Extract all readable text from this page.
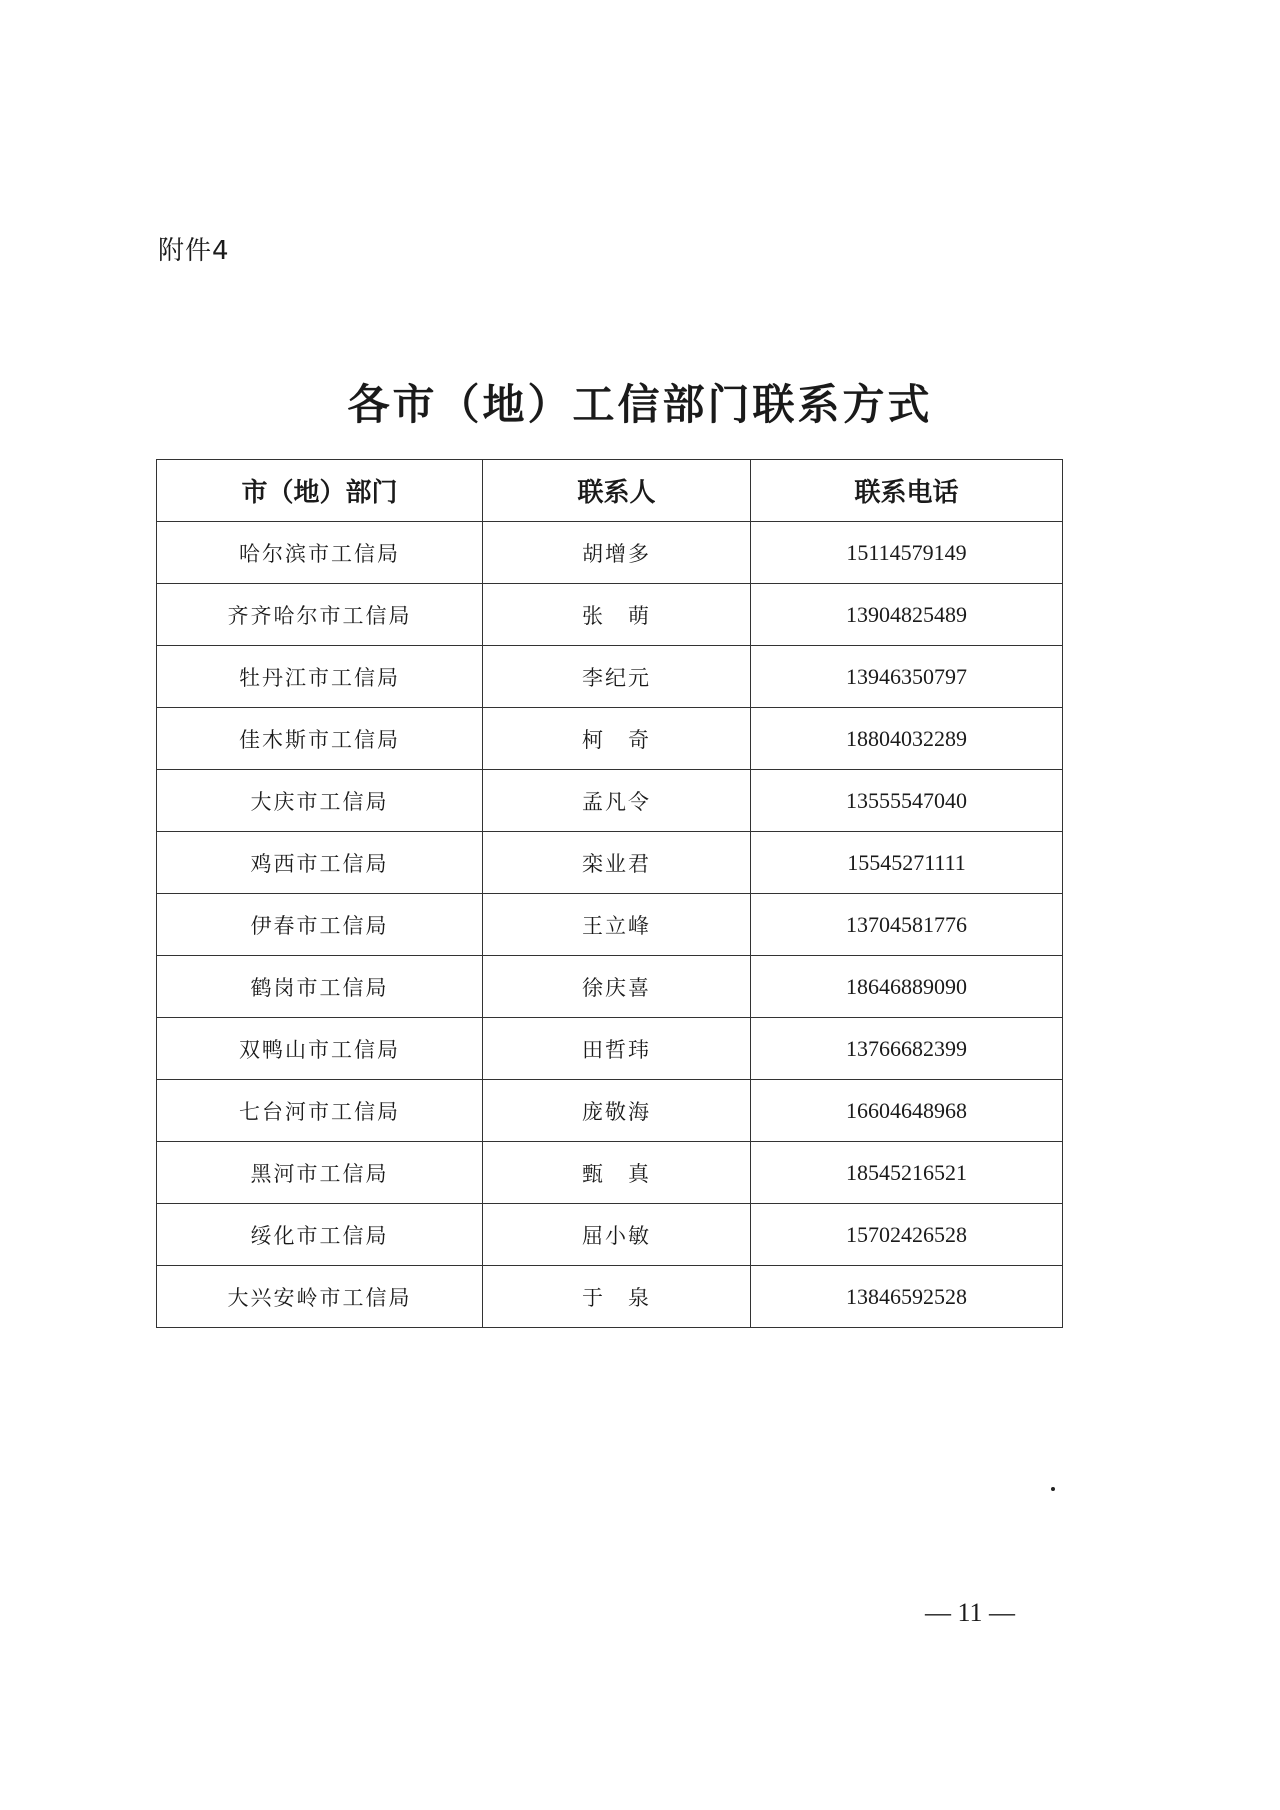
附件4
各市（地）工信部门联系方式
市（地）部门	联系人	联系电话
哈尔滨市工信局	胡增多	15114579149
齐齐哈尔市工信局	张　萌	13904825489
牡丹江市工信局	李纪元	13946350797
佳木斯市工信局	柯　奇	18804032289
大庆市工信局	孟凡令	13555547040
鸡西市工信局	栾业君	15545271111
伊春市工信局	王立峰	13704581776
鹤岗市工信局	徐庆喜	18646889090
双鸭山市工信局	田哲玮	13766682399
七台河市工信局	庞敬海	16604648968
黑河市工信局	甄　真	18545216521
绥化市工信局	屈小敏	15702426528
大兴安岭市工信局	于　泉	13846592528
— 11 —
